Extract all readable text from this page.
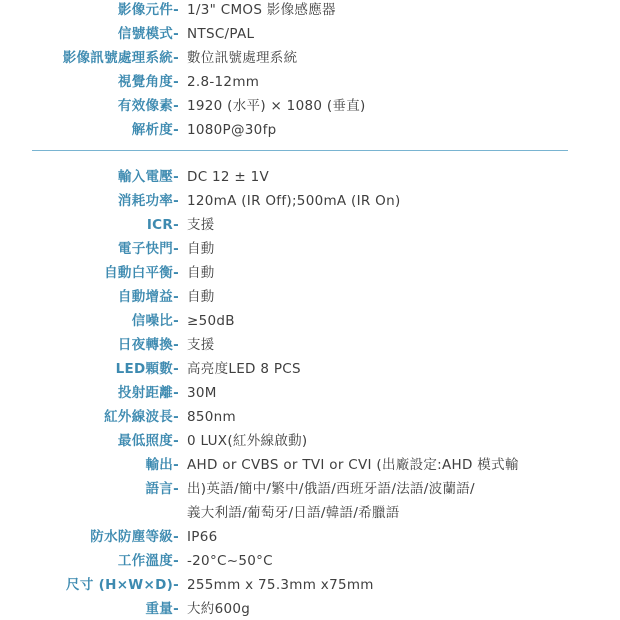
影像元件- 1/3" CMOS 影像感應器
信號模式- NTSC/PAL
影像訊號處理系統- 數位訊號處理系統
視覺角度- 2.8-12mm
有效像素- 1920 (水平) × 1080 (垂直)
解析度- 1080P@30fp
輸入電壓- DC 12 ± 1V
消耗功率- 120mA (IR Off);500mA (IR On)
ICR- 支援
電子快門- 自動
自動白平衡- 自動
自動增益- 自動
信噪比- ≥50dB
日夜轉換- 支援
LED顆數- 高亮度LED 8 PCS
投射距離- 30M
紅外線波長- 850nm
最低照度- 0 LUX(紅外線啟動)
輸出- AHD or CVBS or TVI or CVI (出廠設定:AHD 模式輸
語言- 出)英語/簡中/繁中/俄語/西班牙語/法語/波蘭語/
義大利語/葡萄牙/日語/韓語/希臘語
防水防塵等級- IP66
工作溫度- -20°C~50°C
尺寸 (H×W×D)- 255mm x 75.3mm x75mm
重量- 大約600g
